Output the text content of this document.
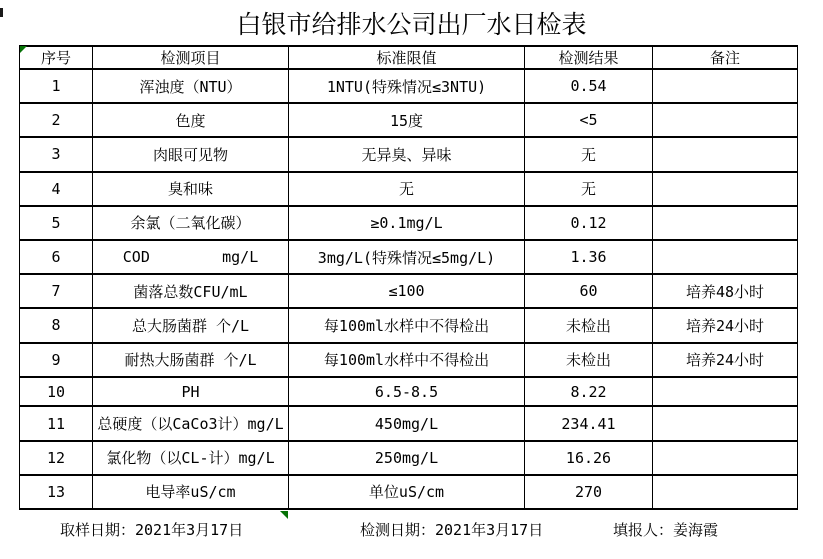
白银市给排水公司出厂水日检表
序号	检测项目	标准限值	检测结果	备注
1	浑浊度（NTU）	1NTU(特殊情况≤3NTU)	0.54	
2	色度	15度	<5	
3	肉眼可见物	无异臭、异味	无	
4	臭和味	无	无	
5	余氯（二氧化碳）	≥0.1mg/L	0.12	
6	COD        mg/L	3mg/L(特殊情况≤5mg/L)	1.36	
7	菌落总数CFU/mL	≤100	60	培养48小时
8	总大肠菌群 个/L	每100ml水样中不得检出	未检出	培养24小时
9	耐热大肠菌群 个/L	每100ml水样中不得检出	未检出	培养24小时
10	PH	6.5-8.5	8.22	
11	总硬度（以CaCo3计）mg/L	450mg/L	234.41	
12	氯化物（以CL-计）mg/L	250mg/L	16.26	
13	电导率uS/cm	单位uS/cm	270	
取样日期：2021年3月17日	检测日期：2021年3月17日	填报人：姜海霞
